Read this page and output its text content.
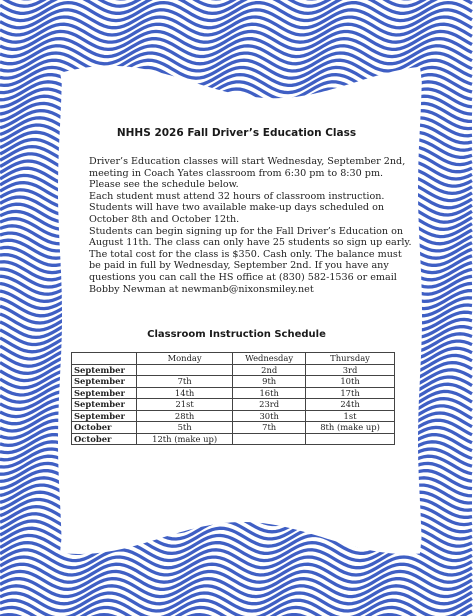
NHHS 2026 Fall Driver’s Education Class

Driver’s Education classes will start Wednesday, September 2nd,

meeting in Coach Yates classroom from 6:30 pm to 8:30 pm.

Please see the schedule below.

Each student must attend 32 hours of classroom instruction.

Students will have two available make-up days scheduled on

October 8th and October 12th.

Students can begin signing up for the Fall Driver’s Education on

August 11th. The class can only have 25 students so sign up early.

The total cost for the class is $350. Cash only. The balance must

be paid in full by Wednesday, September 2nd. If you have any

questions you can call the HS office at (830) 582-1536 or email

Bobby Newman at newmanb@nixonsmiley.net

Classroom Instruction Schedule
	Monday	Wednesday	Thursday
September		2nd	3rd
September	7th	9th	10th
September	14th	16th	17th
September	21st	23rd	24th
September	28th	30th	1st
October	5th	7th	8th (make up)
October	12th (make up)		
